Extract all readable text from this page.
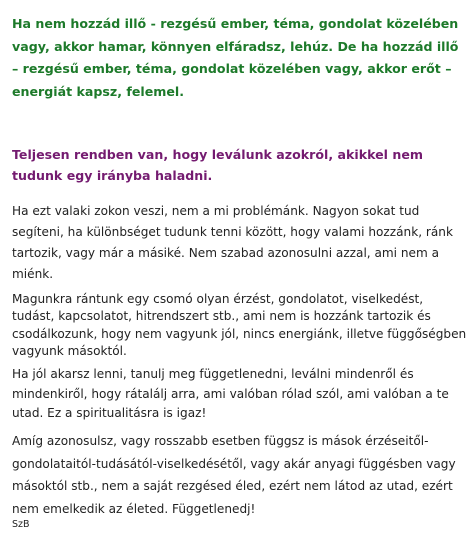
Ha nem hozzád illő - rezgésű ember, téma, gondolat közelében vagy, akkor hamar, könnyen elfáradsz, lehúz. De ha hozzád illő – rezgésű ember, téma, gondolat közelében vagy, akkor erőt – energiát kapsz, felemel.

Teljesen rendben van, hogy leválunk azokról, akikkel nem tudunk egy irányba haladni.

Ha ezt valaki zokon veszi, nem a mi problémánk. Nagyon sokat tud segíteni, ha különbséget tudunk tenni között, hogy valami hozzánk, ránk tartozik, vagy már a másiké. Nem szabad azonosulni azzal, ami nem a miénk.

Magunkra rántunk egy csomó olyan érzést, gondolatot, viselkedést, tudást, kapcsolatot, hitrendszert stb., ami nem is hozzánk tartozik és csodálkozunk, hogy nem vagyunk jól, nincs energiánk, illetve függőségben vagyunk másoktól.

Ha jól akarsz lenni, tanulj meg függetlenedni, leválni mindenről és mindenkiről, hogy rátalálj arra, ami valóban rólad szól, ami valóban a te utad. Ez a spiritualitásra is igaz!

Amíg azonosulsz, vagy rosszabb esetben függsz is mások érzéseitől-gondolataitól-tudásától-viselkedésétől, vagy akár anyagi függésben vagy másoktól stb., nem a saját rezgésed éled, ezért nem látod az utad, ezért nem emelkedik az életed. Függetlenedj!

SzB
